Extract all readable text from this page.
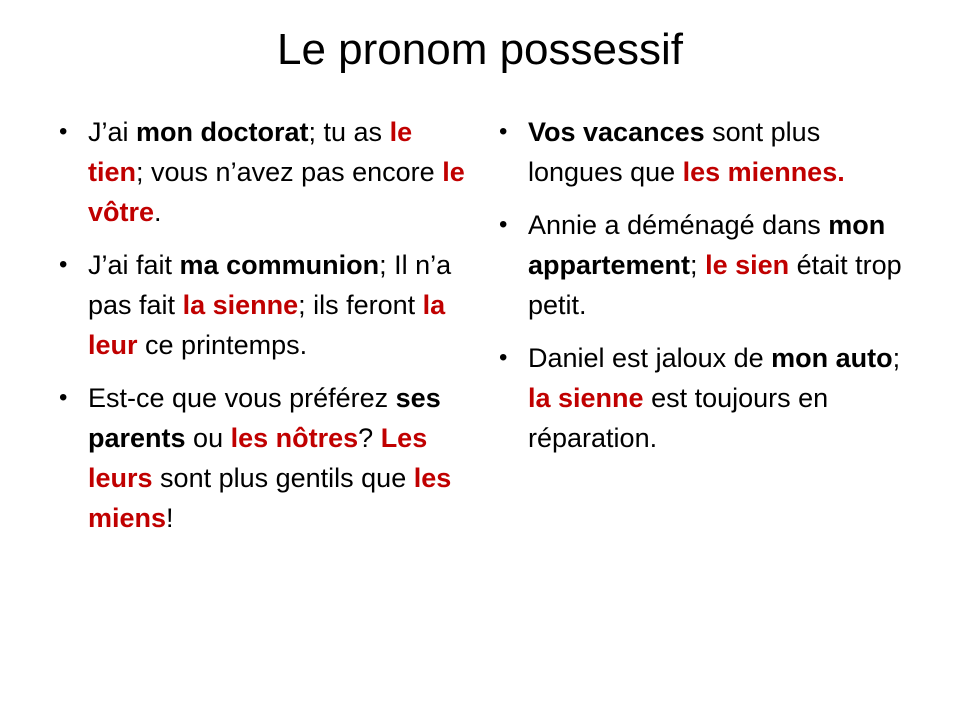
Le pronom possessif
• J’ai mon doctorat; tu as le tien; vous n’avez pas encore le vôtre.
• J’ai fait ma communion; Il n’a pas fait la sienne; ils feront la leur ce printemps.
• Est-ce que vous préférez ses parents ou les nôtres? Les leurs sont plus gentils que les miens!
• Vos vacances sont plus longues que les miennes.
• Annie a déménagé dans mon appartement; le sien était trop petit.
• Daniel est jaloux de mon auto; la sienne est toujours en réparation.
